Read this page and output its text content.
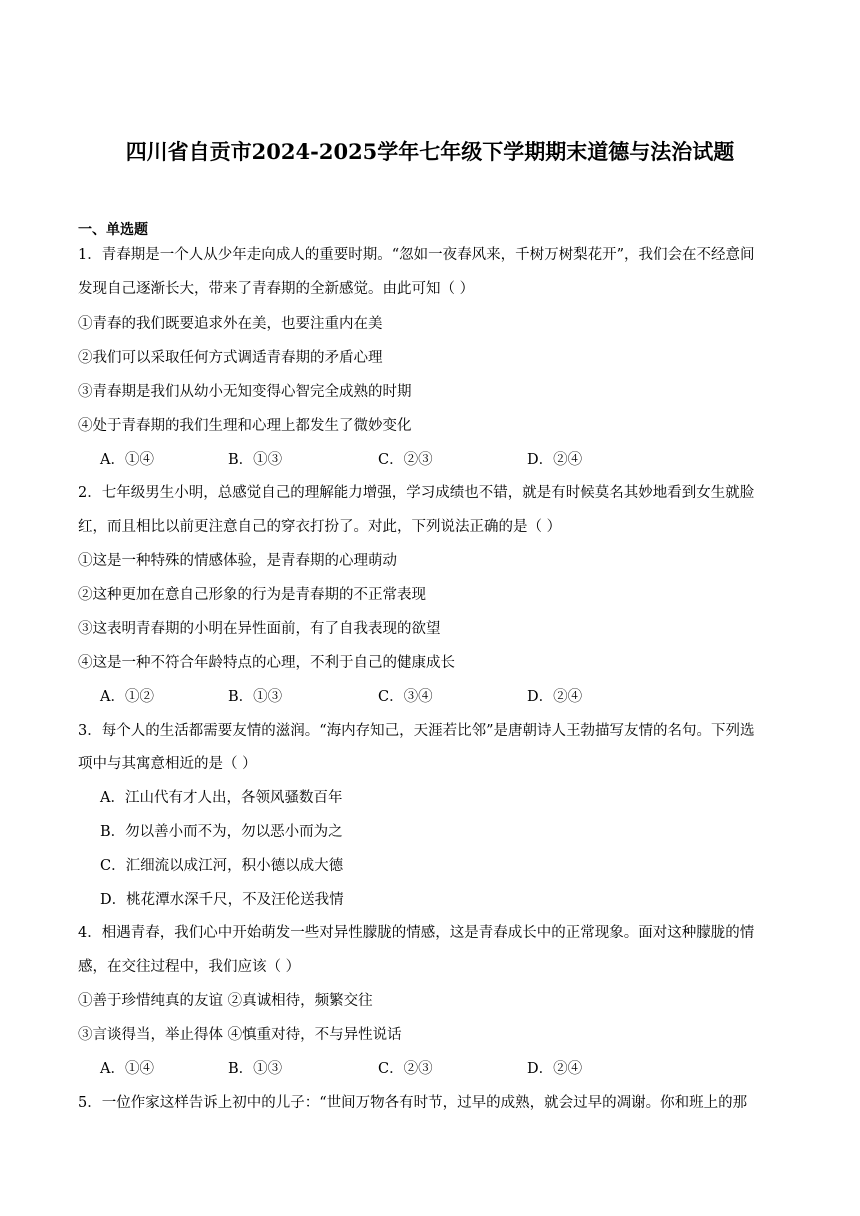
四川省自贡市2024-2025学年七年级下学期期末道德与法治试题
一、单选题
1．青春期是一个人从少年走向成人的重要时期。“忽如一夜春风来，千树万树梨花开”，我们会在不经意间
发现自己逐渐长大，带来了青春期的全新感觉。由此可知（ ）
①青春的我们既要追求外在美，也要注重内在美
②我们可以采取任何方式调适青春期的矛盾心理
③青春期是我们从幼小无知变得心智完全成熟的时期
④处于青春期的我们生理和心理上都发生了微妙变化
A．①④	B．①③	C．②③	D．②④
2．七年级男生小明，总感觉自己的理解能力增强，学习成绩也不错，就是有时候莫名其妙地看到女生就脸
红，而且相比以前更注意自己的穿衣打扮了。对此，下列说法正确的是（ ）
①这是一种特殊的情感体验，是青春期的心理萌动
②这种更加在意自己形象的行为是青春期的不正常表现
③这表明青春期的小明在异性面前，有了自我表现的欲望
④这是一种不符合年龄特点的心理，不利于自己的健康成长
A．①②	B．①③	C．③④	D．②④
3．每个人的生活都需要友情的滋润。“海内存知己，天涯若比邻”是唐朝诗人王勃描写友情的名句。下列选
项中与其寓意相近的是（ ）
A．江山代有才人出，各领风骚数百年
B．勿以善小而不为，勿以恶小而为之
C．汇细流以成江河，积小德以成大德
D．桃花潭水深千尺，不及汪伦送我情
4．相遇青春，我们心中开始萌发一些对异性朦胧的情感，这是青春成长中的正常现象。面对这种朦胧的情
感，在交往过程中，我们应该（ ）
①善于珍惜纯真的友谊 ②真诚相待，频繁交往
③言谈得当，举止得体 ④慎重对待，不与异性说话
A．①④	B．①③	C．②③	D．②④
5．一位作家这样告诉上初中的儿子：“世间万物各有时节，过早的成熟，就会过早的凋谢。你和班上的那
